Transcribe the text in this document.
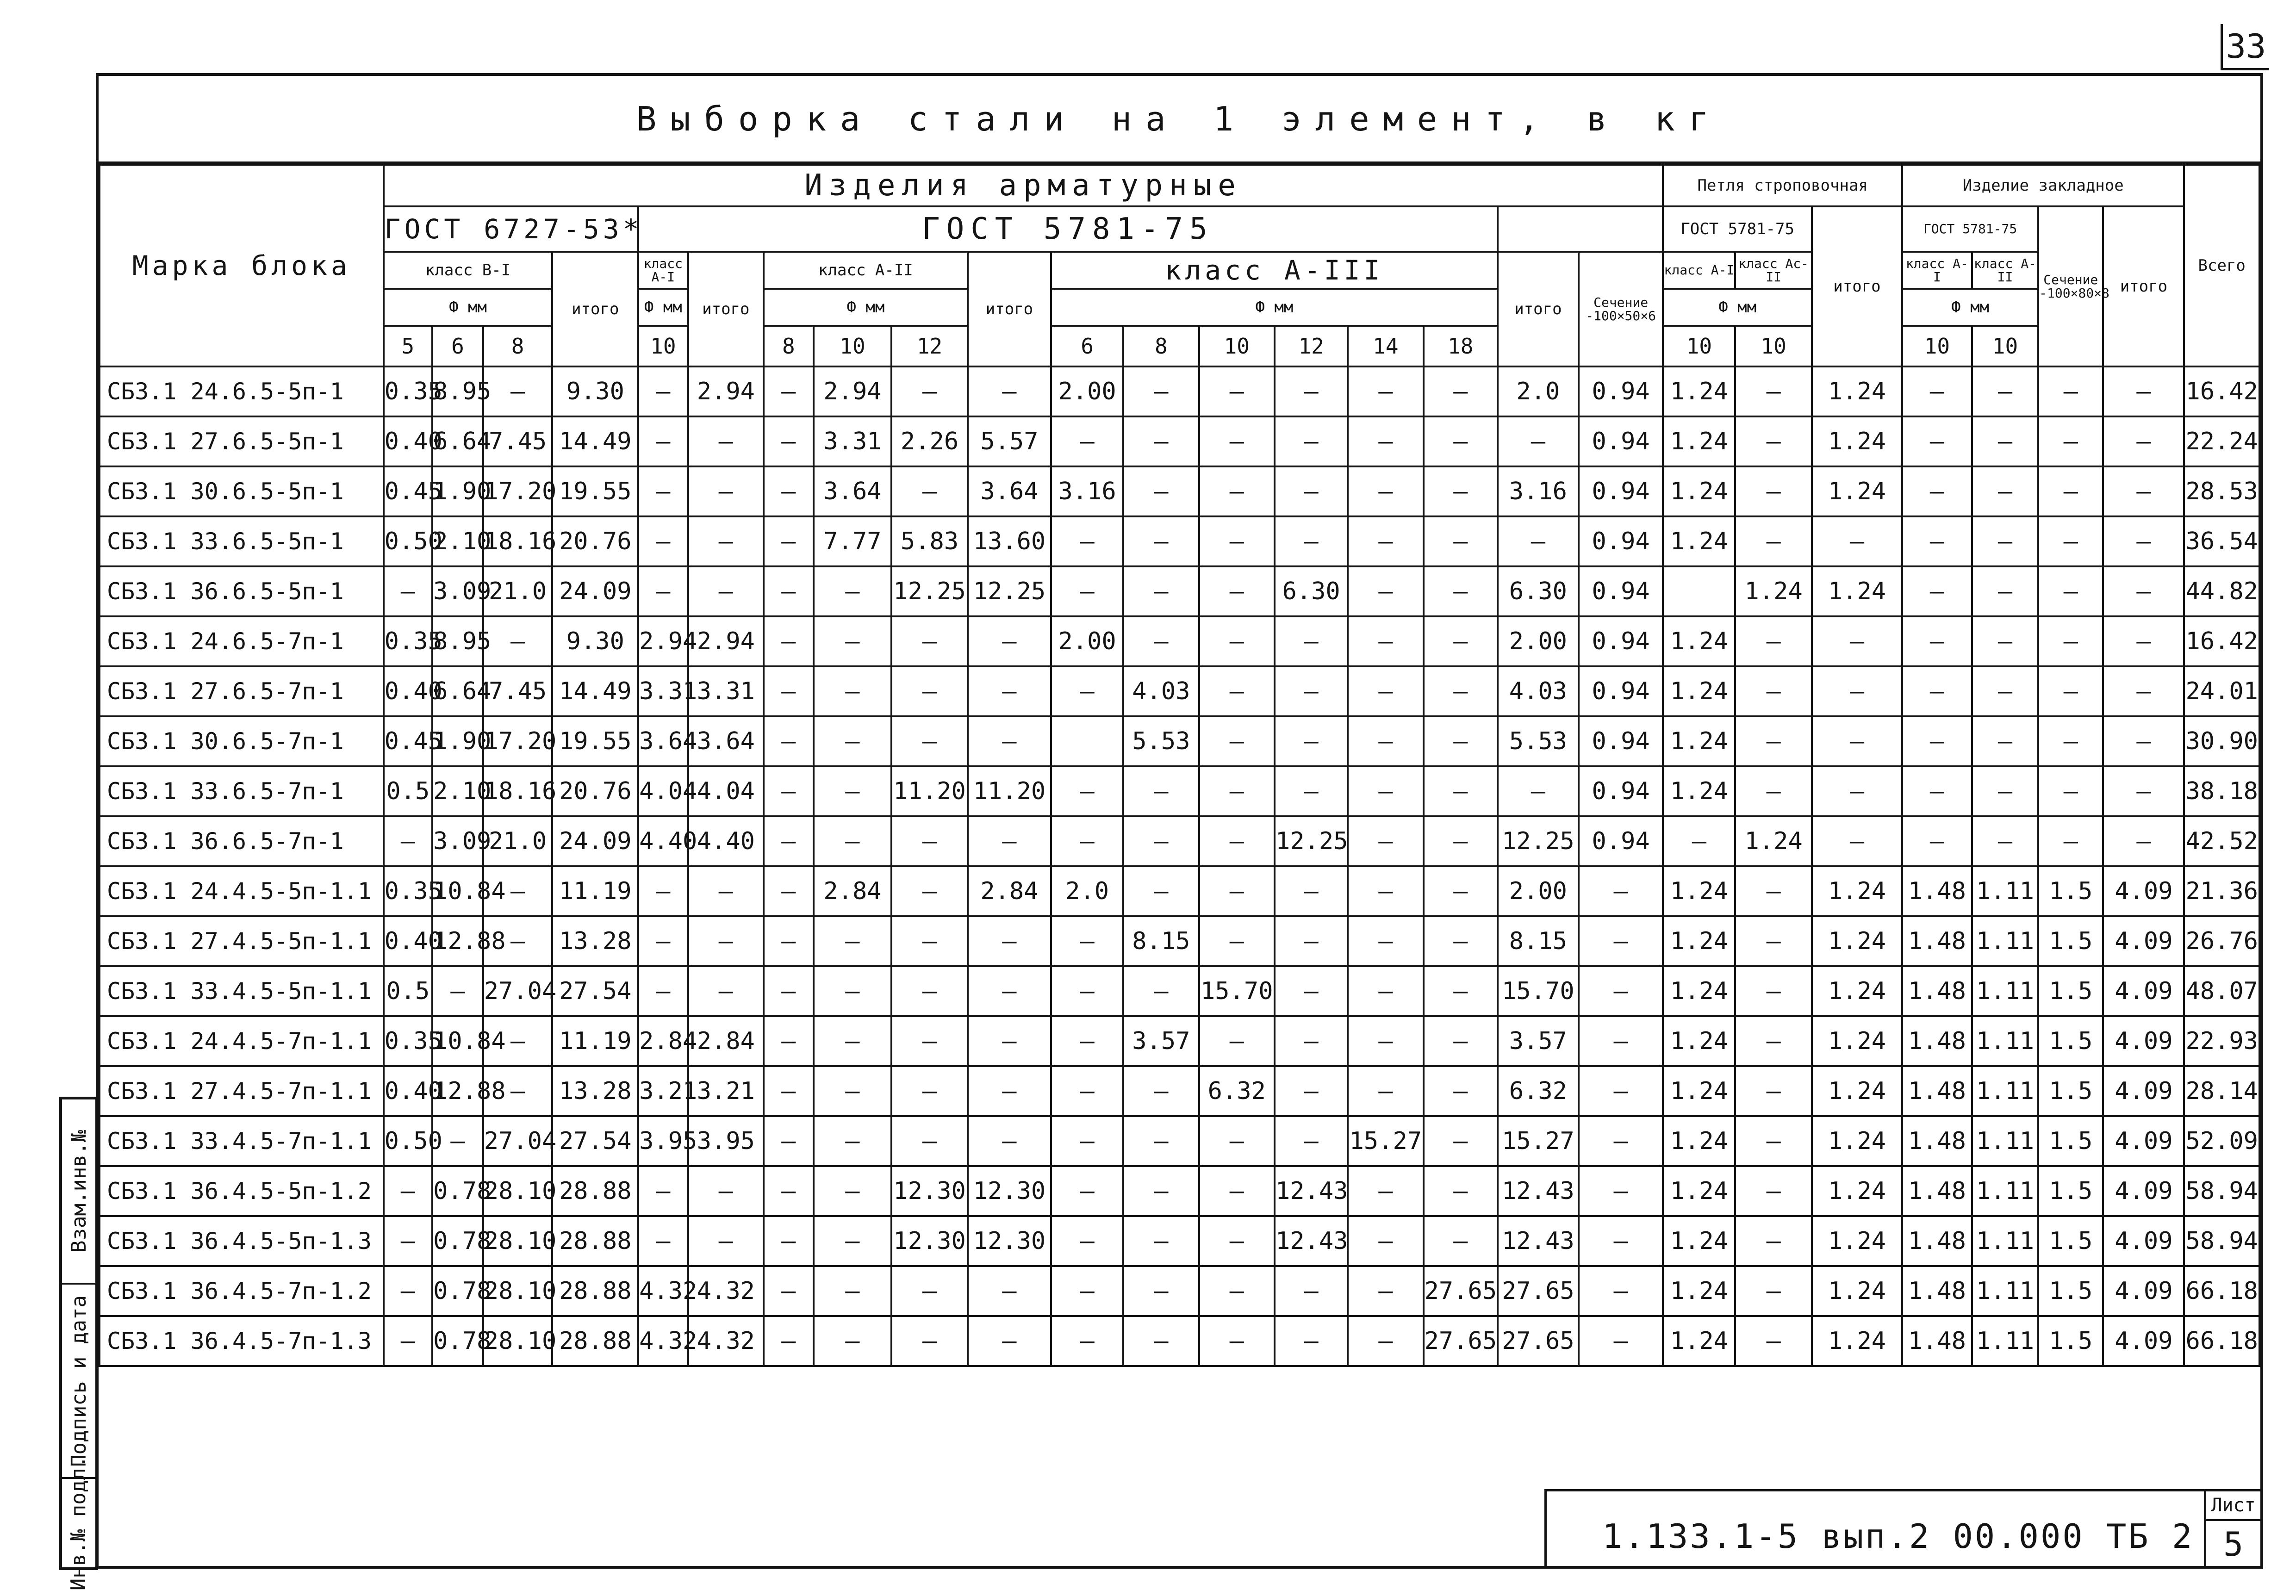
33
Взам.инв.№
Подпись и дата
Инв.№ подл.
Выборка стали на 1 элемент, в кг
Марка блока	Изделия арматурные																		Петля строповочная			Изделие закладное				Всего
	ГОСТ 6727-53*				ГОСТ 5781-75														ГОСТ 5781-75		итого	ГОСТ 5781-75		Сечение -100×80×8	итого	
	класс В-I			итого	класс А-I	итого	класс А-II			итого	класс А-III						итого	Сечение -100×50×6	класс А-I	класс Ас-II		класс А-I	класс А-II			
	Ф мм				Ф мм		Ф мм				Ф мм								Ф мм			Ф мм				
	5	6	8		10		8	10	12		6	8	10	12	14	18			10	10		10	10			
СБ3.1 24.6.5-5п-1	0.35	8.95	—	9.30	—	2.94	—	2.94	—	—	2.00	—	—	—	—	—	2.0	0.94	1.24	—	1.24	—	—	—	—	16.42
СБ3.1 27.6.5-5п-1	0.40	6.64	7.45	14.49	—	—	—	3.31	2.26	5.57	—	—	—	—	—	—	—	0.94	1.24	—	1.24	—	—	—	—	22.24
СБ3.1 30.6.5-5п-1	0.45	1.90	17.20	19.55	—	—	—	3.64	—	3.64	3.16	—	—	—	—	—	3.16	0.94	1.24	—	1.24	—	—	—	—	28.53
СБ3.1 33.6.5-5п-1	0.50	2.10	18.16	20.76	—	—	—	7.77	5.83	13.60	—	—	—	—	—	—	—	0.94	1.24	—	—	—	—	—	—	36.54
СБ3.1 36.6.5-5п-1	—	3.09	21.0	24.09	—	—	—	—	12.25	12.25	—	—	—	6.30	—	—	6.30	0.94		1.24	1.24	—	—	—	—	44.82
СБ3.1 24.6.5-7п-1	0.35	8.95	—	9.30	2.94	2.94	—	—	—	—	2.00	—	—	—	—	—	2.00	0.94	1.24	—	—	—	—	—	—	16.42
СБ3.1 27.6.5-7п-1	0.40	6.64	7.45	14.49	3.31	3.31	—	—	—	—	—	4.03	—	—	—	—	4.03	0.94	1.24	—	—	—	—	—	—	24.01
СБ3.1 30.6.5-7п-1	0.45	1.90	17.20	19.55	3.64	3.64	—	—	—	—		5.53	—	—	—	—	5.53	0.94	1.24	—	—	—	—	—	—	30.90
СБ3.1 33.6.5-7п-1	0.5	2.10	18.16	20.76	4.04	4.04	—	—	11.20	11.20	—	—	—	—	—	—	—	0.94	1.24	—	—	—	—	—	—	38.18
СБ3.1 36.6.5-7п-1	—	3.09	21.0	24.09	4.40	4.40	—	—	—	—	—	—	—	12.25	—	—	12.25	0.94	—	1.24	—	—	—	—	—	42.52
СБ3.1 24.4.5-5п-1.1	0.35	10.84	—	11.19	—	—	—	2.84	—	2.84	2.0	—	—	—	—	—	2.00	—	1.24	—	1.24	1.48	1.11	1.5	4.09	21.36
СБ3.1 27.4.5-5п-1.1	0.40	12.88	—	13.28	—	—	—	—	—	—	—	8.15	—	—	—	—	8.15	—	1.24	—	1.24	1.48	1.11	1.5	4.09	26.76
СБ3.1 33.4.5-5п-1.1	0.5	—	27.04	27.54	—	—	—	—	—	—	—	—	15.70	—	—	—	15.70	—	1.24	—	1.24	1.48	1.11	1.5	4.09	48.07
СБ3.1 24.4.5-7п-1.1	0.35	10.84	—	11.19	2.84	2.84	—	—	—	—	—	3.57	—	—	—	—	3.57	—	1.24	—	1.24	1.48	1.11	1.5	4.09	22.93
СБ3.1 27.4.5-7п-1.1	0.40	12.88	—	13.28	3.21	3.21	—	—	—	—	—	—	6.32	—	—	—	6.32	—	1.24	—	1.24	1.48	1.11	1.5	4.09	28.14
СБ3.1 33.4.5-7п-1.1	0.50	—	27.04	27.54	3.95	3.95	—	—	—	—	—	—	—	—	15.27	—	15.27	—	1.24	—	1.24	1.48	1.11	1.5	4.09	52.09
СБ3.1 36.4.5-5п-1.2	—	0.78	28.10	28.88	—	—	—	—	12.30	12.30	—	—	—	12.43	—	—	12.43	—	1.24	—	1.24	1.48	1.11	1.5	4.09	58.94
СБ3.1 36.4.5-5п-1.3	—	0.78	28.10	28.88	—	—	—	—	12.30	12.30	—	—	—	12.43	—	—	12.43	—	1.24	—	1.24	1.48	1.11	1.5	4.09	58.94
СБ3.1 36.4.5-7п-1.2	—	0.78	28.10	28.88	4.32	4.32	—	—	—	—	—	—	—	—	—	27.65	27.65	—	1.24	—	1.24	1.48	1.11	1.5	4.09	66.18
СБ3.1 36.4.5-7п-1.3	—	0.78	28.10	28.88	4.32	4.32	—	—	—	—	—	—	—	—	—	27.65	27.65	—	1.24	—	1.24	1.48	1.11	1.5	4.09	66.18
1.133.1-5 вып.2 00.000 ТБ 2
Лист
5
